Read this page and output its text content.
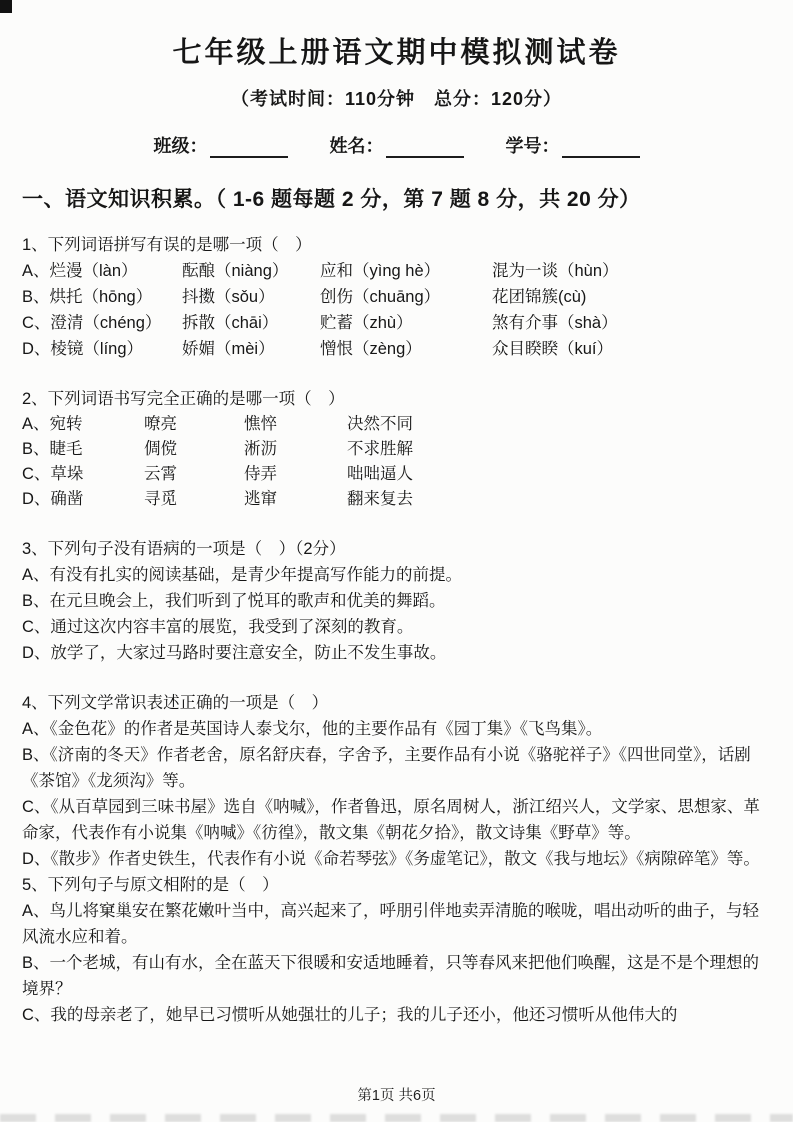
七年级上册语文期中模拟测试卷
（考试时间：110分钟　总分：120分）
班级：	姓名：	学号：
一、语文知识积累。（ 1-6 题每题 2 分，第 7 题 8 分，共 20 分）
1、下列词语拼写有误的是哪一项（　）
A、烂漫（làn）	酝酿（niàng）	应和（yìng hè）	混为一谈（hùn）
B、烘托（hōng）	抖擞（sǒu）	创伤（chuāng）	花团锦簇(cù)
C、澄清（chéng）	拆散（chāi）	贮蓄（zhù）	煞有介事（shà）
D、棱镜（líng）	娇媚（mèi）	憎恨（zèng）	众目睽睽（kuí）
2、下列词语书写完全正确的是哪一项（　）
A、宛转	嘹亮	憔悴	决然不同
B、睫毛	倜傥	淅沥	不求胜解
C、草垛	云霄	侍弄	咄咄逼人
D、确凿	寻觅	逃窜	翻来复去
3、下列句子没有语病的一项是（　）（2分）
A、有没有扎实的阅读基础，是青少年提高写作能力的前提。
B、在元旦晚会上，我们听到了悦耳的歌声和优美的舞蹈。
C、通过这次内容丰富的展览，我受到了深刻的教育。
D、放学了，大家过马路时要注意安全，防止不发生事故。
4、下列文学常识表述正确的一项是（　）
A、《金色花》的作者是英国诗人泰戈尔，他的主要作品有《园丁集》《飞鸟集》。
B、《济南的冬天》作者老舍，原名舒庆春，字舍予，主要作品有小说《骆驼祥子》《四世同堂》，话剧《茶馆》《龙须沟》等。
C、《从百草园到三味书屋》选自《呐喊》，作者鲁迅，原名周树人，浙江绍兴人，文学家、思想家、革命家，代表作有小说集《呐喊》《彷徨》，散文集《朝花夕拾》，散文诗集《野草》等。
D、《散步》作者史铁生，代表作有小说《命若琴弦》《务虚笔记》，散文《我与地坛》《病隙碎笔》等。
5、下列句子与原文相附的是（　）
A、鸟儿将窠巢安在繁花嫩叶当中，高兴起来了，呼朋引伴地卖弄清脆的喉咙，唱出动听的曲子，与轻风流水应和着。
B、一个老城，有山有水，全在蓝天下很暖和安适地睡着，只等春风来把他们唤醒，这是不是个理想的境界？
C、我的母亲老了，她早已习惯听从她强壮的儿子；我的儿子还小，他还习惯听从他伟大的
第1页 共6页
